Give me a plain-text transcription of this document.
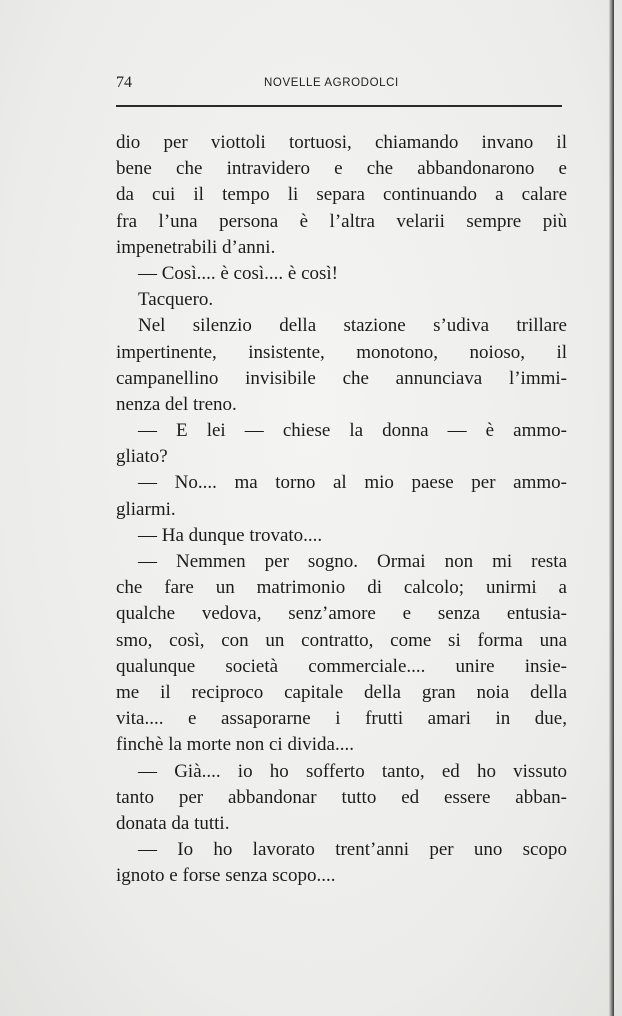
74	NOVELLE AGRODOLCI
dio per viottoli tortuosi, chiamando invano il
bene che intravidero e che abbandonarono e
da cui il tempo li separa continuando a calare
fra l’una persona è l’altra velarii sempre più
impenetrabili d’anni.
— Così.... è così.... è così!
Tacquero.
Nel silenzio della stazione s’udiva trillare
impertinente, insistente, monotono, noioso, il
campanellino invisibile che annunciava l’immi-
nenza del treno.
— E lei — chiese la donna — è ammo-
gliato?
— No.... ma torno al mio paese per ammo-
gliarmi.
— Ha dunque trovato....
— Nemmen per sogno. Ormai non mi resta
che fare un matrimonio di calcolo; unirmi a
qualche vedova, senz’amore e senza entusia-
smo, così, con un contratto, come si forma una
qualunque società commerciale.... unire insie-
me il reciproco capitale della gran noia della
vita.... e assaporarne i frutti amari in due,
finchè la morte non ci divida....
— Già.... io ho sofferto tanto, ed ho vissuto
tanto per abbandonar tutto ed essere abban-
donata da tutti.
— Io ho lavorato trent’anni per uno scopo
ignoto e forse senza scopo....
